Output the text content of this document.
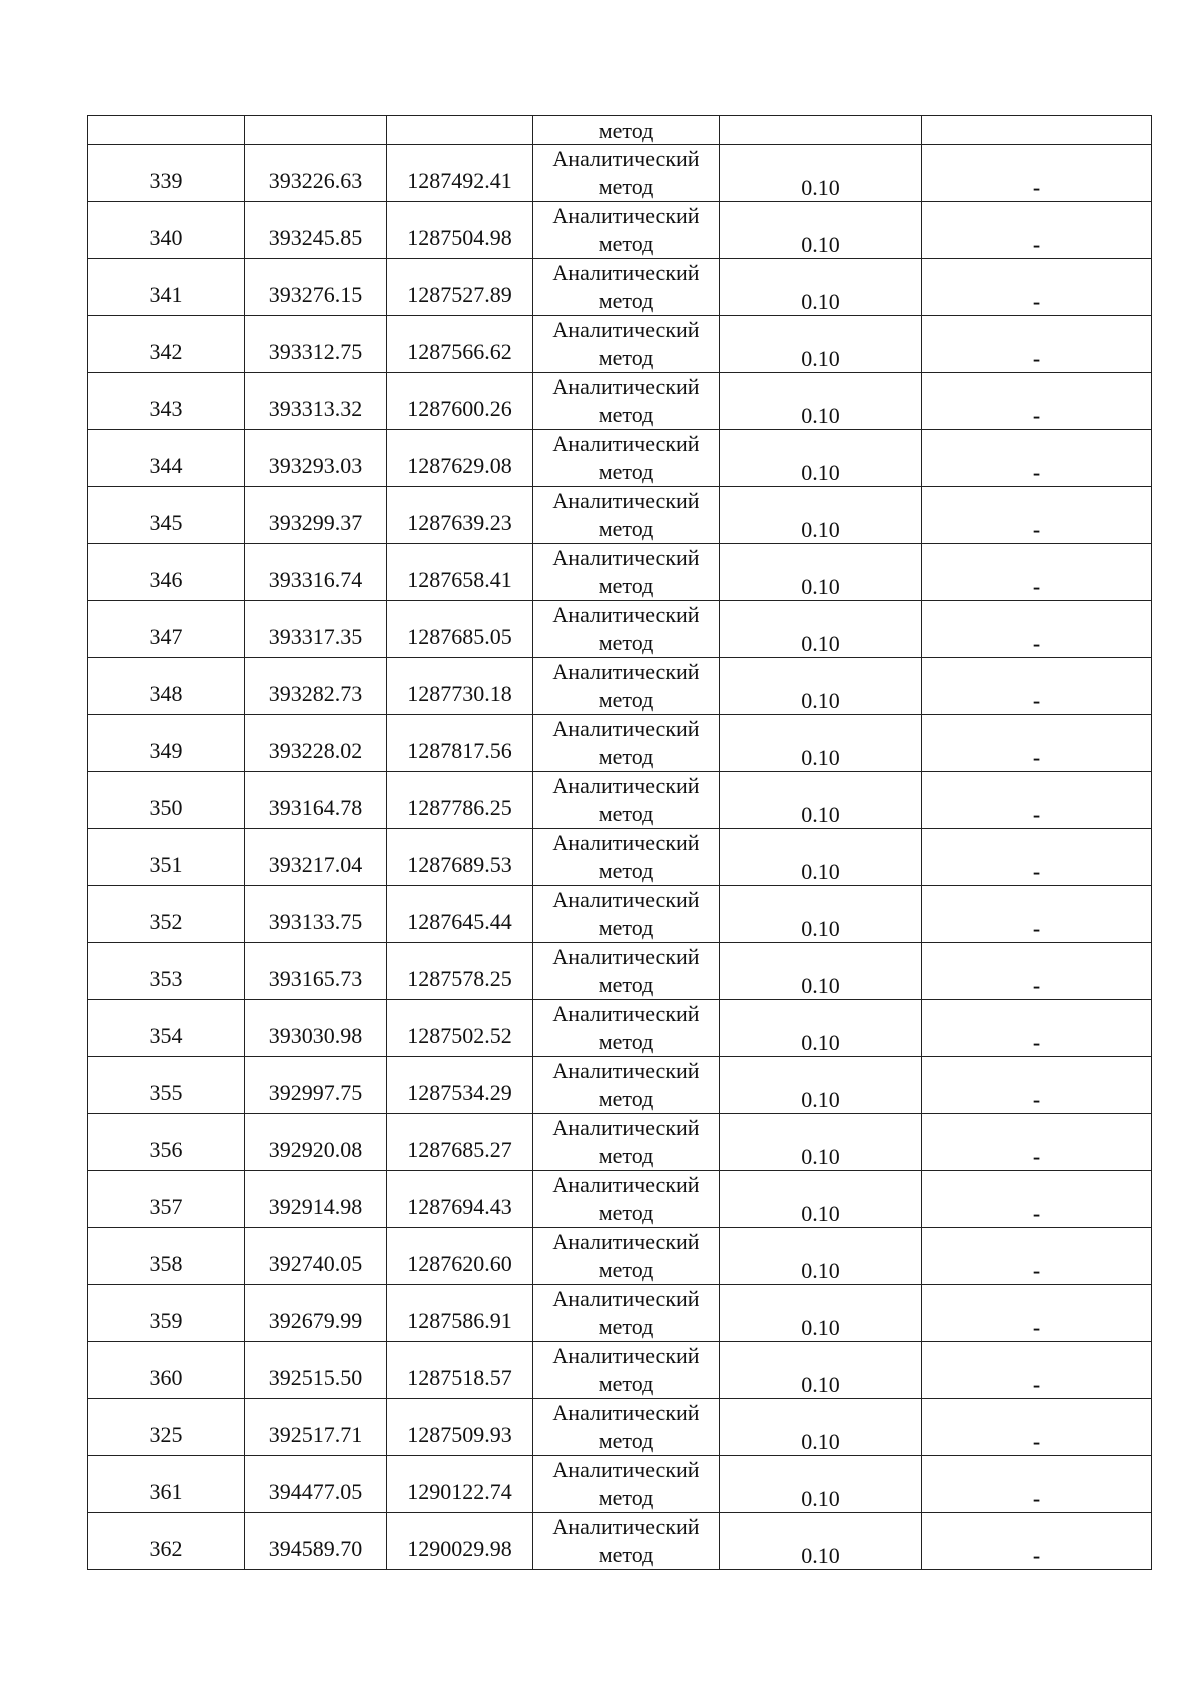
			метод		
339	393226.63	1287492.41	Аналитический
метод	0.10	-
340	393245.85	1287504.98	Аналитический
метод	0.10	-
341	393276.15	1287527.89	Аналитический
метод	0.10	-
342	393312.75	1287566.62	Аналитический
метод	0.10	-
343	393313.32	1287600.26	Аналитический
метод	0.10	-
344	393293.03	1287629.08	Аналитический
метод	0.10	-
345	393299.37	1287639.23	Аналитический
метод	0.10	-
346	393316.74	1287658.41	Аналитический
метод	0.10	-
347	393317.35	1287685.05	Аналитический
метод	0.10	-
348	393282.73	1287730.18	Аналитический
метод	0.10	-
349	393228.02	1287817.56	Аналитический
метод	0.10	-
350	393164.78	1287786.25	Аналитический
метод	0.10	-
351	393217.04	1287689.53	Аналитический
метод	0.10	-
352	393133.75	1287645.44	Аналитический
метод	0.10	-
353	393165.73	1287578.25	Аналитический
метод	0.10	-
354	393030.98	1287502.52	Аналитический
метод	0.10	-
355	392997.75	1287534.29	Аналитический
метод	0.10	-
356	392920.08	1287685.27	Аналитический
метод	0.10	-
357	392914.98	1287694.43	Аналитический
метод	0.10	-
358	392740.05	1287620.60	Аналитический
метод	0.10	-
359	392679.99	1287586.91	Аналитический
метод	0.10	-
360	392515.50	1287518.57	Аналитический
метод	0.10	-
325	392517.71	1287509.93	Аналитический
метод	0.10	-
361	394477.05	1290122.74	Аналитический
метод	0.10	-
362	394589.70	1290029.98	Аналитический
метод	0.10	-
